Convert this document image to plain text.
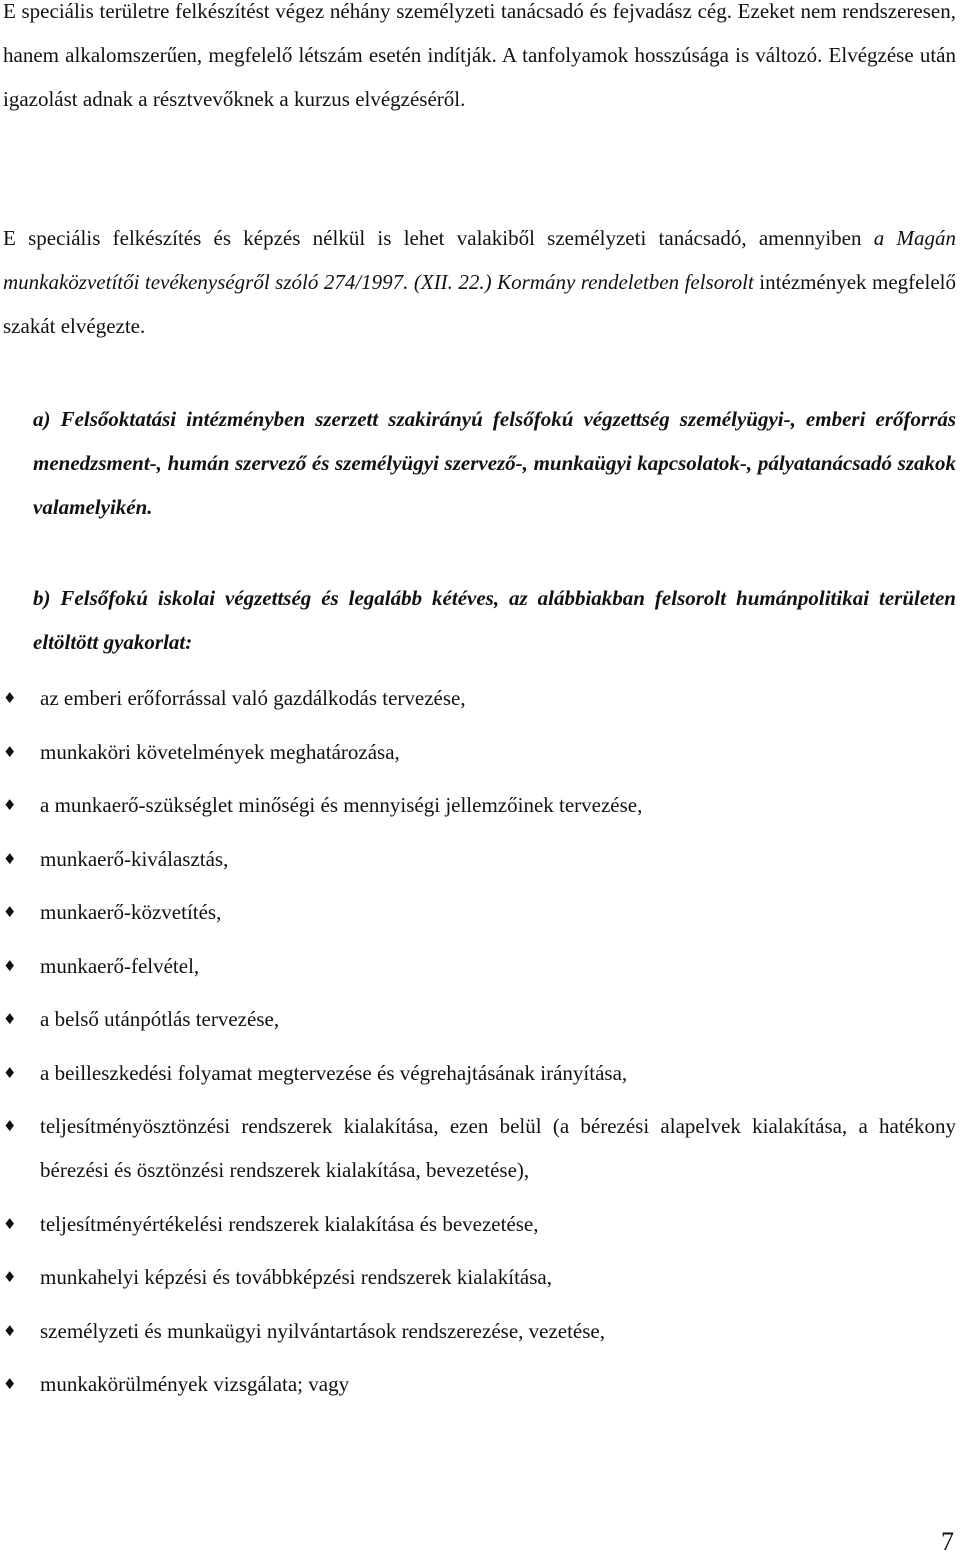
E speciális területre felkészítést végez néhány személyzeti tanácsadó és fejvadász cég. Ezeket nem rendszeresen, hanem alkalomszerűen, megfelelő létszám esetén indítják. A tanfolyamok hosszúsága is változó. Elvégzése után igazolást adnak a résztvevőknek a kurzus elvégzéséről.

E speciális felkészítés és képzés nélkül is lehet valakiből személyzeti tanácsadó, amennyiben a Magán munkaközvetítői tevékenységről szóló 274/1997. (XII. 22.) Kormány rendeletben felsorolt intézmények megfelelő szakát elvégezte.

a) Felsőoktatási intézményben szerzett szakirányú felsőfokú végzettség személyügyi-, emberi erőforrás menedzsment-, humán szervező és személyügyi szervező-, munkaügyi kapcsolatok-, pályatanácsadó szakok valamelyikén.

b) Felsőfokú iskolai végzettség és legalább kétéves, az alábbiakban felsorolt humánpolitikai területen eltöltött gyakorlat:

♦ az emberi erőforrással való gazdálkodás tervezése,
♦ munkaköri követelmények meghatározása,
♦ a munkaerő-szükséglet minőségi és mennyiségi jellemzőinek tervezése,
♦ munkaerő-kiválasztás,
♦ munkaerő-közvetítés,
♦ munkaerő-felvétel,
♦ a belső utánpótlás tervezése,
♦ a beilleszkedési folyamat megtervezése és végrehajtásának irányítása,
♦ teljesítményösztönzési rendszerek kialakítása, ezen belül (a bérezési alapelvek kialakítása, a hatékony bérezési és ösztönzési rendszerek kialakítása, bevezetése),
♦ teljesítményértékelési rendszerek kialakítása és bevezetése,
♦ munkahelyi képzési és továbbképzési rendszerek kialakítása,
♦ személyzeti és munkaügyi nyilvántartások rendszerezése, vezetése,
♦ munkakörülmények vizsgálata; vagy
7
